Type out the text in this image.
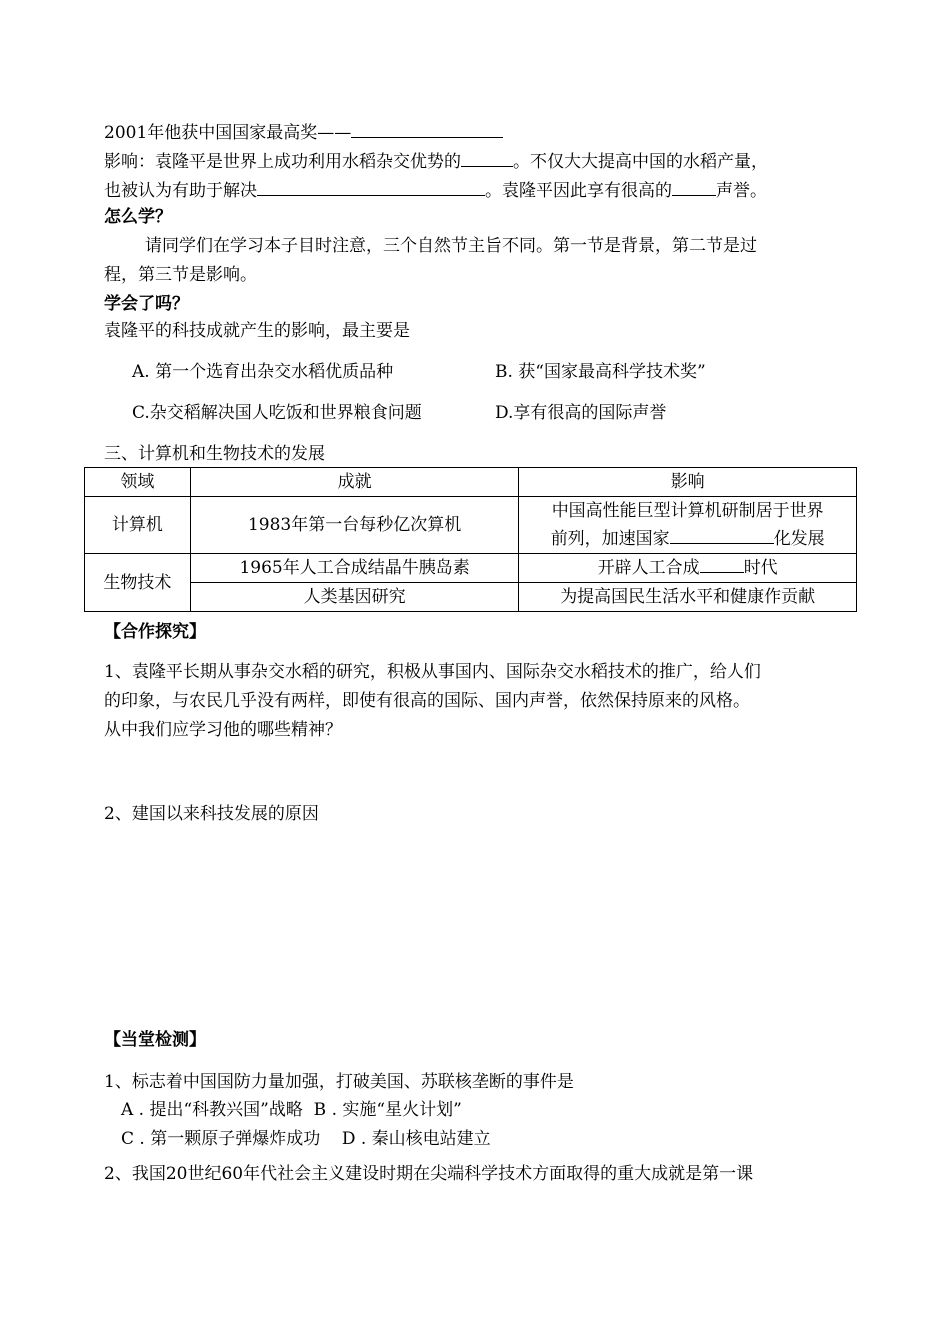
2001年他获中国国家最高奖——
影响：袁隆平是世界上成功利用水稻杂交优势的	。不仅大大提高中国的水稻产量，
也被认为有助于解决	。袁隆平因此享有很高的	声誉。
怎么学？
请同学们在学习本子目时注意，三个自然节主旨不同。第一节是背景，第二节是过
程，第三节是影响。
学会了吗？
袁隆平的科技成就产生的影响，最主要是
A. 第一个选育出杂交水稻优质品种	B. 获“国家最高科学技术奖”
C.杂交稻解决国人吃饭和世界粮食问题	D.享有很高的国际声誉
三、计算机和生物技术的发展
领域	成就	影响
计算机	1983年第一台每秒亿次算机	中国高性能巨型计算机研制居于世界
前列，加速国家 化发展

生物技术	1965年人工合成结晶牛胰岛素	开辟人工合成 时代
	人类基因研究	为提高国民生活水平和健康作贡献
【合作探究】
1、袁隆平长期从事杂交水稻的研究，积极从事国内、国际杂交水稻技术的推广，给人们
的印象，与农民几乎没有两样，即使有很高的国际、国内声誉，依然保持原来的风格。
从中我们应学习他的哪些精神？
2、建国以来科技发展的原因
【当堂检测】
1、标志着中国国防力量加强，打破美国、苏联核垄断的事件是
A . 提出“科教兴国”战略  B . 实施“星火计划”
C . 第一颗原子弹爆炸成功    D . 秦山核电站建立
2、我国20世纪60年代社会主义建设时期在尖端科学技术方面取得的重大成就是第一课
